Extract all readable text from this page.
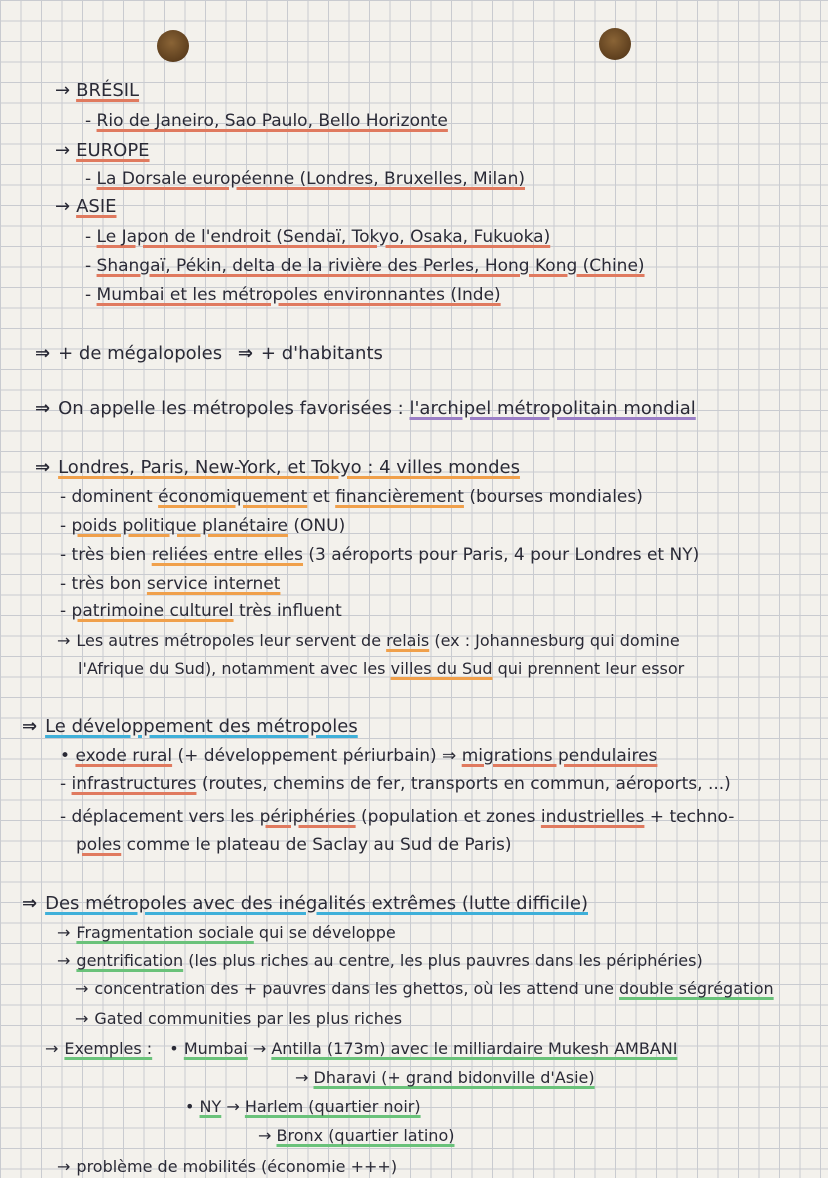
→ BRÉSIL
- Rio de Janeiro, Sao Paulo, Bello Horizonte
→ EUROPE
- La Dorsale européenne (Londres, Bruxelles, Milan)
→ ASIE
- Le Japon de l'endroit (Sendaï, Tokyo, Osaka, Fukuoka)
- Shangaï, Pékin, delta de la rivière des Perles, Hong Kong (Chine)
- Mumbai et les métropoles environnantes (Inde)
⇒ + de mégalopoles ⇒ + d'habitants
⇒ On appelle les métropoles favorisées : l'archipel métropolitain mondial
⇒ Londres, Paris, New-York, et Tokyo : 4 villes mondes
- dominent économiquement et financièrement (bourses mondiales)
- poids politique planétaire (ONU)
- très bien reliées entre elles (3 aéroports pour Paris, 4 pour Londres et NY)
- très bon service internet
- patrimoine culturel très influent
→ Les autres métropoles leur servent de relais (ex : Johannesburg qui domine
l'Afrique du Sud), notamment avec les villes du Sud qui prennent leur essor
⇒ Le développement des métropoles
• exode rural (+ développement périurbain) ⇒ migrations pendulaires
- infrastructures (routes, chemins de fer, transports en commun, aéroports, ...)
- déplacement vers les périphéries (population et zones industrielles + techno-
poles comme le plateau de Saclay au Sud de Paris)
⇒ Des métropoles avec des inégalités extrêmes (lutte difficile)
→ Fragmentation sociale qui se développe
→ gentrification (les plus riches au centre, les plus pauvres dans les périphéries)
→ concentration des + pauvres dans les ghettos, où les attend une double ségrégation
→ Gated communities par les plus riches
→ Exemples : • Mumbai → Antilla (173m) avec le milliardaire Mukesh AMBANI
→ Dharavi (+ grand bidonville d'Asie)
• NY → Harlem (quartier noir)
→ Bronx (quartier latino)
→ problème de mobilités (économie +++)
